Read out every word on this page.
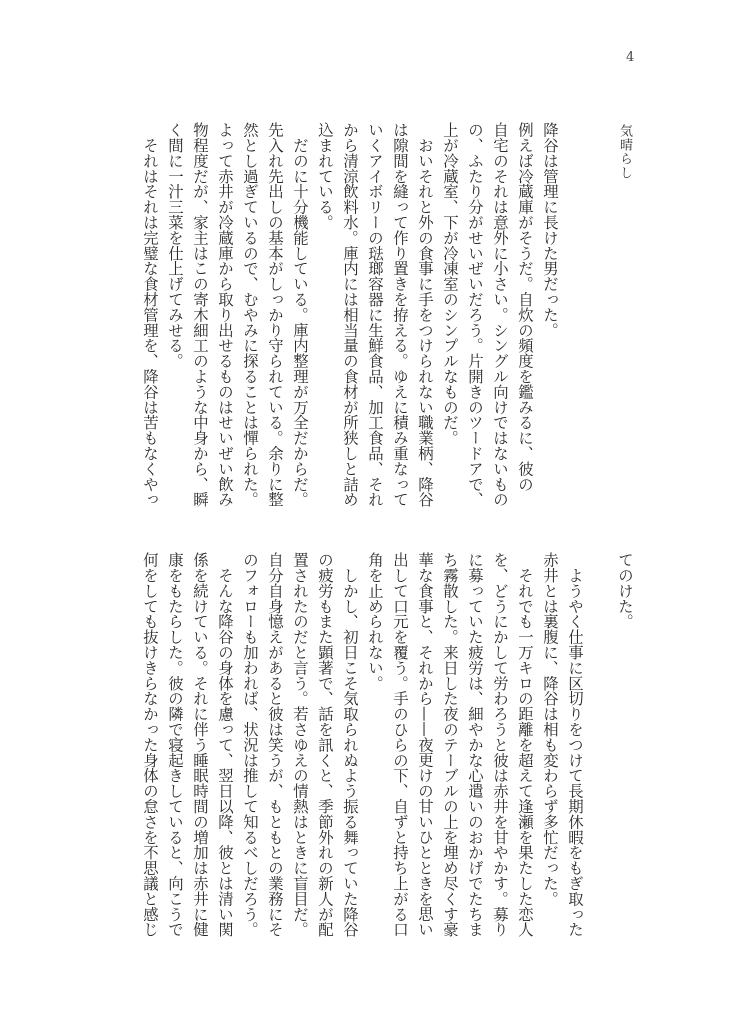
4
気晴らし
降谷は管理に長けた男だった。
例えば冷蔵庫がそうだ。自炊の頻度を鑑みるに、彼の
自宅のそれは意外に小さい。シングル向けではないもの
の、ふたり分がせいぜいだろう。片開きのツードアで、
上が冷蔵室、下が冷凍室のシンプルなものだ。
　おいそれと外の食事に手をつけられない職業柄、降谷
は隙間を縫って作り置きを拵える。ゆえに積み重なって
いくアイボリーの琺瑯容器に生鮮食品、加工食品、それ
から清涼飲料水。庫内には相当量の食材が所狭しと詰め
込まれている。
　だのに十分機能している。庫内整理が万全だからだ。
先入れ先出しの基本がしっかり守られている。余りに整
然とし過ぎているので、むやみに探ることは憚られた。
よって赤井が冷蔵庫から取り出せるものはせいぜい飲み
物程度だが、家主はこの寄木細工のような中身から、瞬
く間に一汁三菜を仕上げてみせる。
　それはそれは完璧な食材管理を、降谷は苦もなくやっ
てのけた。
　ようやく仕事に区切りをつけて長期休暇をもぎ取った
赤井とは裏腹に、降谷は相も変わらず多忙だった。
　それでも一万キロの距離を超えて逢瀬を果たした恋人
を、どうにかして労わろうと彼は赤井を甘やかす。募り
に募っていた疲労は、細やかな心遣いのおかげでたちま
ち霧散した。来日した夜のテーブルの上を埋め尽くす豪
華な食事と、それから——夜更けの甘いひとときを思い
出して口元を覆う。手のひらの下、自ずと持ち上がる口
角を止められない。
　しかし、初日こそ気取られぬよう振る舞っていた降谷
の疲労もまた顕著で、話を訊くと、季節外れの新人が配
置されたのだと言う。若さゆえの情熱はときに盲目だ。
自分自身憶えがあると彼は笑うが、もともとの業務にそ
のフォローも加われば、状況は推して知るべしだろう。
　そんな降谷の身体を慮って、翌日以降、彼とは清い関
係を続けている。それに伴う睡眠時間の増加は赤井に健
康をもたらした。彼の隣で寝起きしていると、向こうで
何をしても抜けきらなかった身体の怠さを不思議と感じ
